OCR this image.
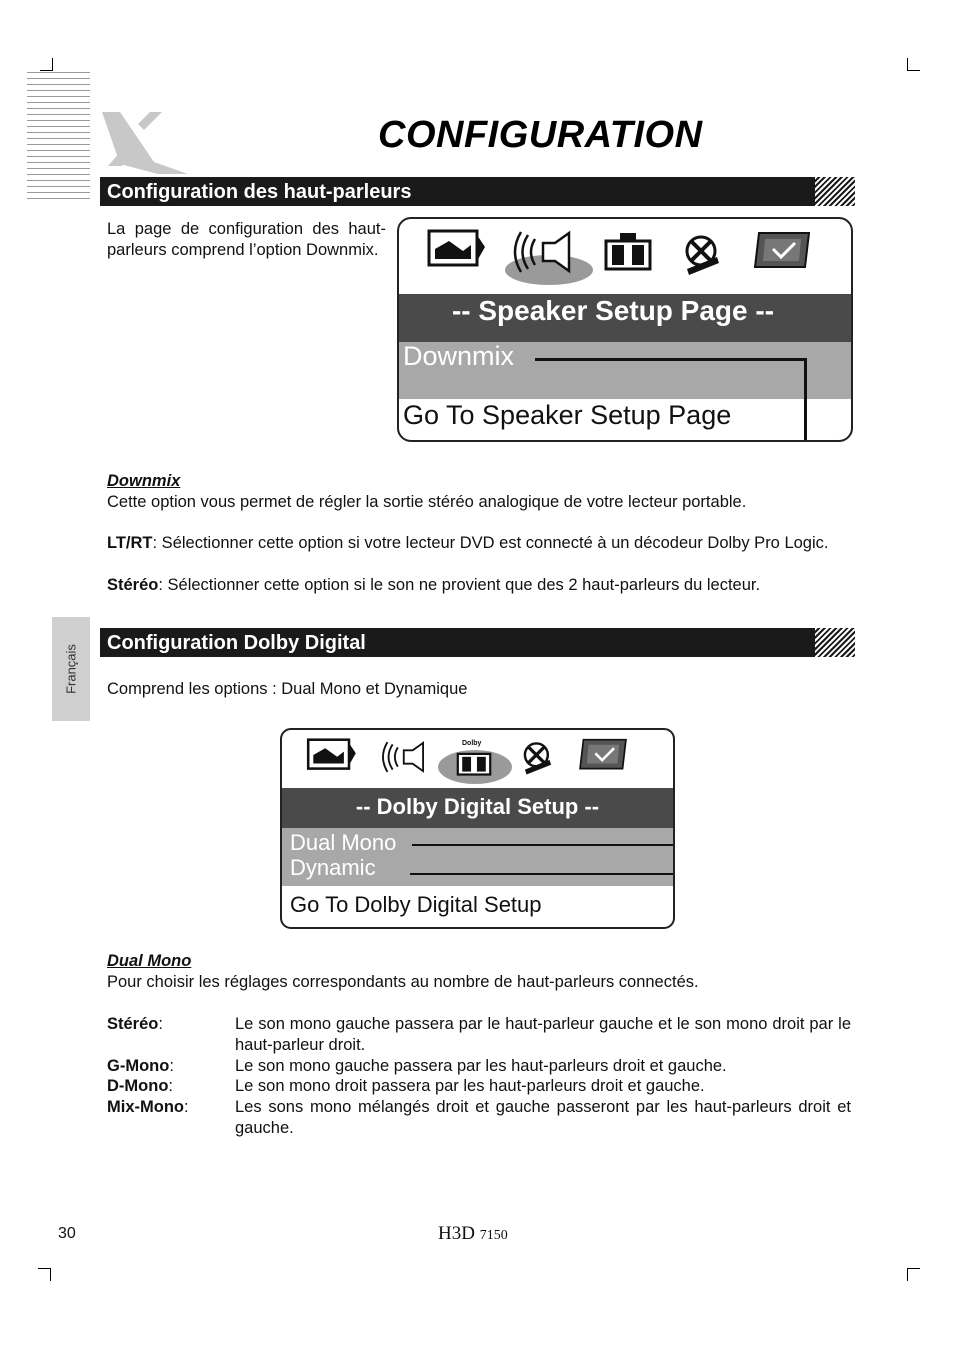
CONFIGURATION
Configuration des haut-parleurs
La page de configuration des haut-parleurs comprend l’option Downmix.
-- Speaker Setup Page --
Downmix
Go To Speaker Setup Page
Downmix
Cette option vous permet de régler la sortie stéréo analogique de votre lecteur portable.
LT/RT: Sélectionner cette option si votre lecteur DVD est connecté à un décodeur Dolby Pro Logic.
Stéréo: Sélectionner cette option si le son ne provient que des 2 haut-parleurs du lecteur.
Français
Configuration Dolby Digital
Comprend les options : Dual Mono et Dynamique
Dolby
-- Dolby Digital Setup --
Dual Mono
Dynamic
Go To Dolby Digital Setup
Dual Mono
Pour choisir les réglages correspondants au nombre de haut-parleurs connectés.
Stéréo:	Le son mono gauche passera par le haut-parleur gauche et le son mono droit par le haut-parleur droit.
G-Mono:	Le son mono gauche passera par les haut-parleurs droit et gauche.
D-Mono:	Le son mono droit passera par les haut-parleurs droit et gauche.
Mix-Mono:	Les sons mono mélangés droit et gauche passeront par les haut-parleurs droit et gauche.
30	H3D 7150
